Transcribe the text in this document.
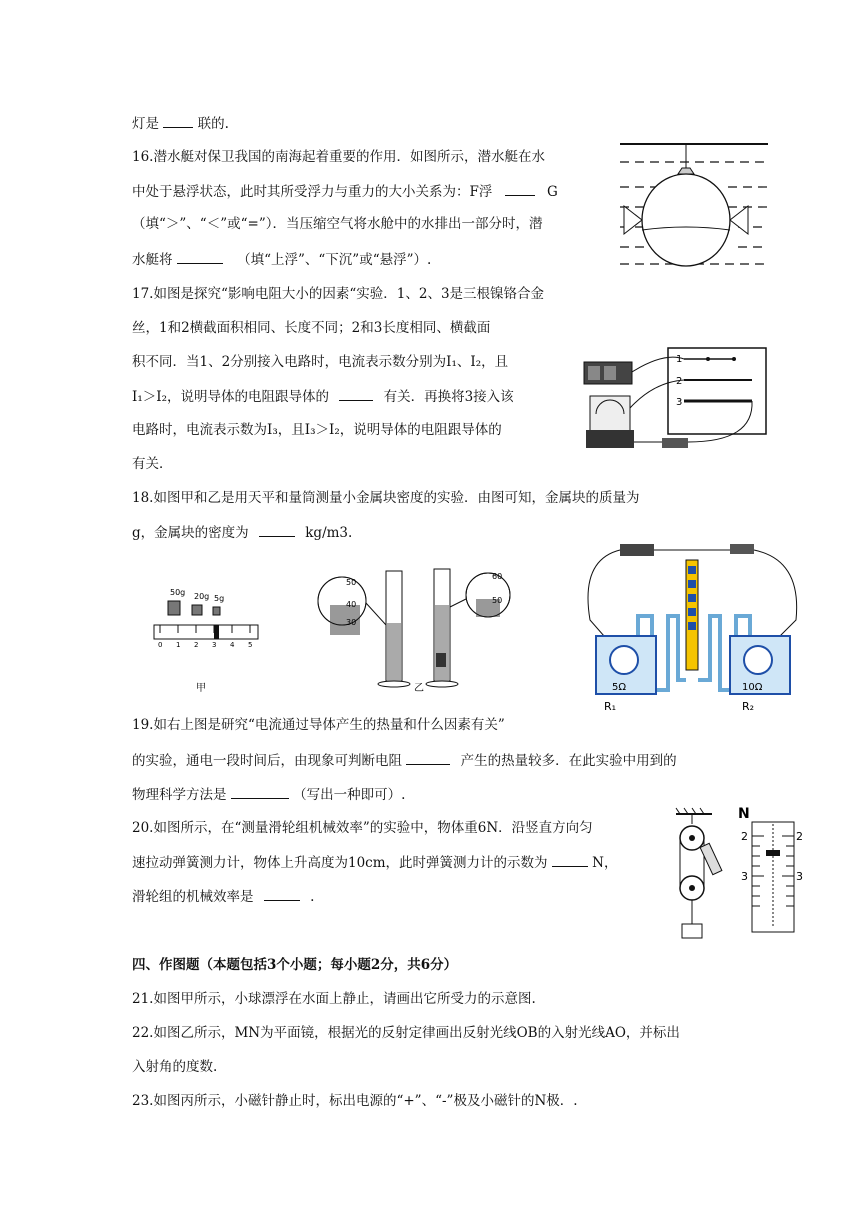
灯是	联的.
16.潜水艇对保卫我国的南海起着重要的作用．如图所示，潜水艇在水
中处于悬浮状态，此时其所受浮力与重力的大小关系为：F浮	G
（填“＞”、“＜”或“=”）．当压缩空气将水舱中的水排出一部分时，潜
水艇将	（填“上浮”、“下沉”或“悬浮”）.
17.如图是探究“影响电阻大小的因素“实验．1、2、3是三根镍铬合金
丝，1和2横截面积相同、长度不同；2和3长度相同、横截面
积不同．当1、2分别接入电路时，电流表示数分别为I₁、I₂，且
I₁＞I₂，说明导体的电阻跟导体的	有关．再换将3接入该
电路时，电流表示数为I₃，且I₃＞I₂，说明导体的电阻跟导体的
有关．
1
2
3
18.如图甲和乙是用天平和量筒测量小金属块密度的实验．由图可知，金属块的质量为
g，金属块的密度为	kg/m3.
50g 20g 5g
0 1 2 3 4 5
甲
50
40
30
60
50
乙	5Ω	10Ω
R₁	R₂
19.如右上图是研究“电流通过导体产生的热量和什么因素有关”
的实验，通电一段时间后，由现象可判断电阻	产生的热量较多．在此实验中用到的
物理科学方法是	（写出一种即可）.
20.如图所示，在“测量滑轮组机械效率”的实验中，物体重6N．沿竖直方向匀
速拉动弹簧测力计，物体上升高度为10cm，此时弹簧测力计的示数为	N，
滑轮组的机械效率是	.
N
2	2
3	3
四、作图题（本题包括3个小题；每小题2分，共6分）
21.如图甲所示，小球漂浮在水面上静止，请画出它所受力的示意图.
22.如图乙所示，MN为平面镜，根据光的反射定律画出反射光线OB的入射光线AO，并标出
入射角的度数.
23.如图丙所示，小磁针静止时，标出电源的“+”、“-”极及小磁针的N极．.
